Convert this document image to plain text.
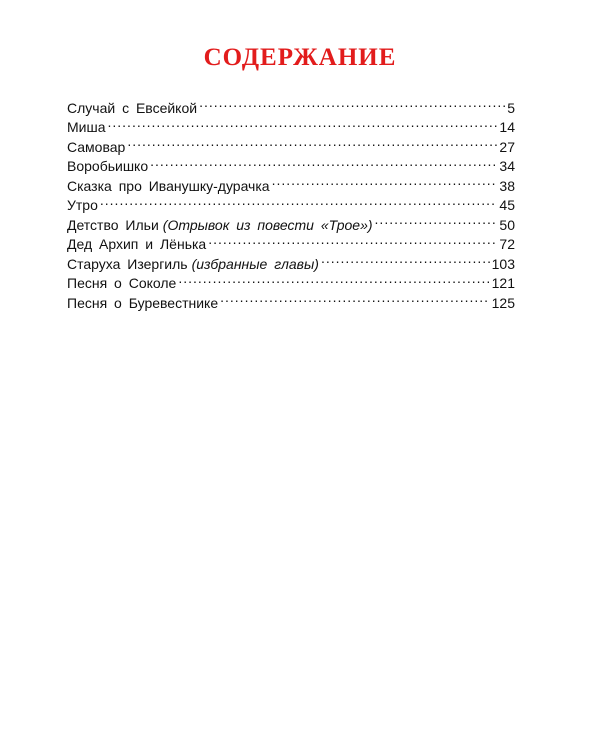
СОДЕРЖАНИЕ
Случай с Евсейкой .....	5
Миша .....	14
Самовар .....	27
Воробьишко .....	34
Сказка про Иванушку-дурачка .....	38
Утро .....	45
Детство Ильи (Отрывок из повести «Трое») .....	50
Дед Архип и Лёнька .....	72
Старуха Изергиль (избранные главы) .....	103
Песня о Соколе .....	121
Песня о Буревестнике .....	125
